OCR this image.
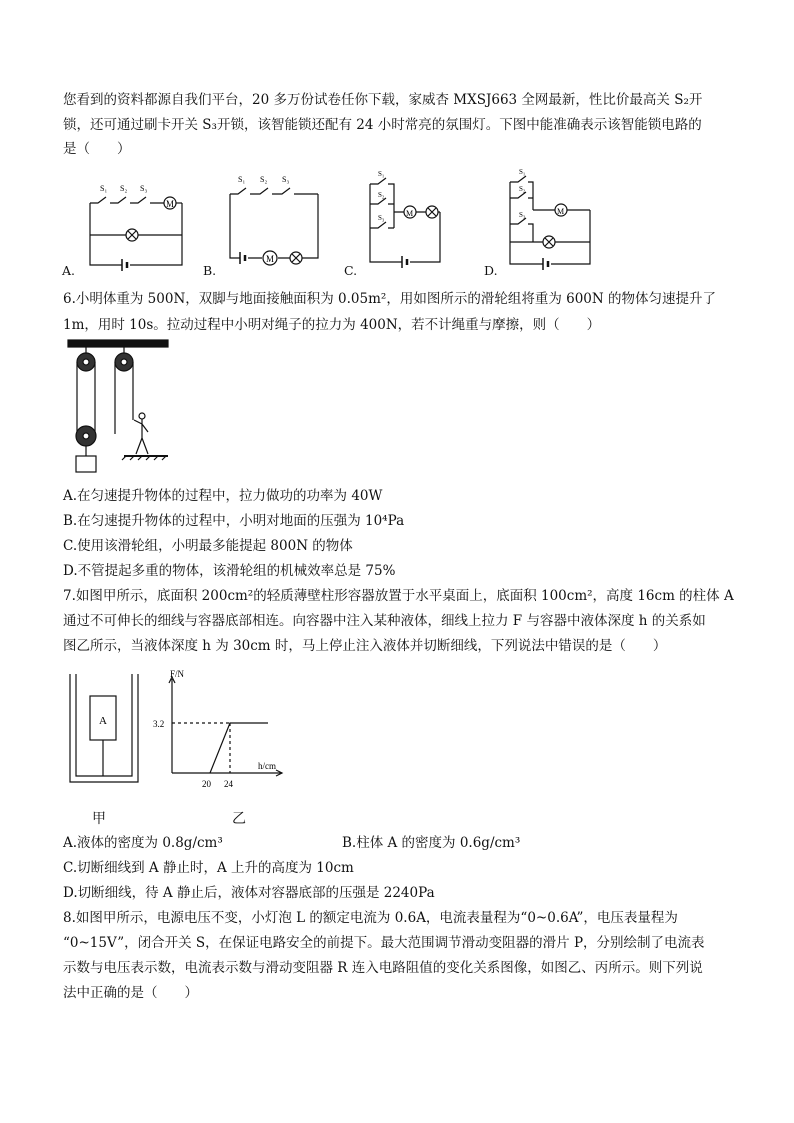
您看到的资料都源自我们平台，20 多万份试卷任你下载，家威杏 MXSJ663 全网最新，性比价最高关 S₂开
锁，还可通过刷卡开关 S₃开锁，该智能锁还配有 24 小时常亮的氛围灯。下图中能准确表示该智能锁电路的
是（　　）
M
S₁ S₂ S₃
A.
M
S₁ S₂ S₃
B.
M
S₁
S₂
S₃
C.
M
S₁
S₂
S₃
D.
6.小明体重为 500N，双脚与地面接触面积为 0.05m²，用如图所示的滑轮组将重为 600N 的物体匀速提升了
1m，用时 10s。拉动过程中小明对绳子的拉力为 400N，若不计绳重与摩擦，则（　　）
A.在匀速提升物体的过程中，拉力做功的功率为 40W
B.在匀速提升物体的过程中，小明对地面的压强为 10⁴Pa
C.使用该滑轮组，小明最多能提起 800N 的物体
D.不管提起多重的物体，该滑轮组的机械效率总是 75%
7.如图甲所示，底面积 200cm²的轻质薄壁柱形容器放置于水平桌面上，底面积 100cm²，高度 16cm 的柱体 A
通过不可伸长的细线与容器底部相连。向容器中注入某种液体，细线上拉力 F 与容器中液体深度 h 的关系如
图乙所示，当液体深度 h 为 30cm 时，马上停止注入液体并切断细线，下列说法中错误的是（　　）
A
甲
F/N
h/cm
3.2
20 24
乙
A.液体的密度为 0.8g/cm³	B.柱体 A 的密度为 0.6g/cm³
C.切断细线到 A 静止时，A 上升的高度为 10cm
D.切断细线，待 A 静止后，液体对容器底部的压强是 2240Pa
8.如图甲所示，电源电压不变，小灯泡 L 的额定电流为 0.6A，电流表量程为“0~0.6A”，电压表量程为
“0~15V”，闭合开关 S，在保证电路安全的前提下。最大范围调节滑动变阻器的滑片 P，分别绘制了电流表
示数与电压表示数，电流表示数与滑动变阻器 R 连入电路阻值的变化关系图像，如图乙、丙所示。则下列说
法中正确的是（　　）
